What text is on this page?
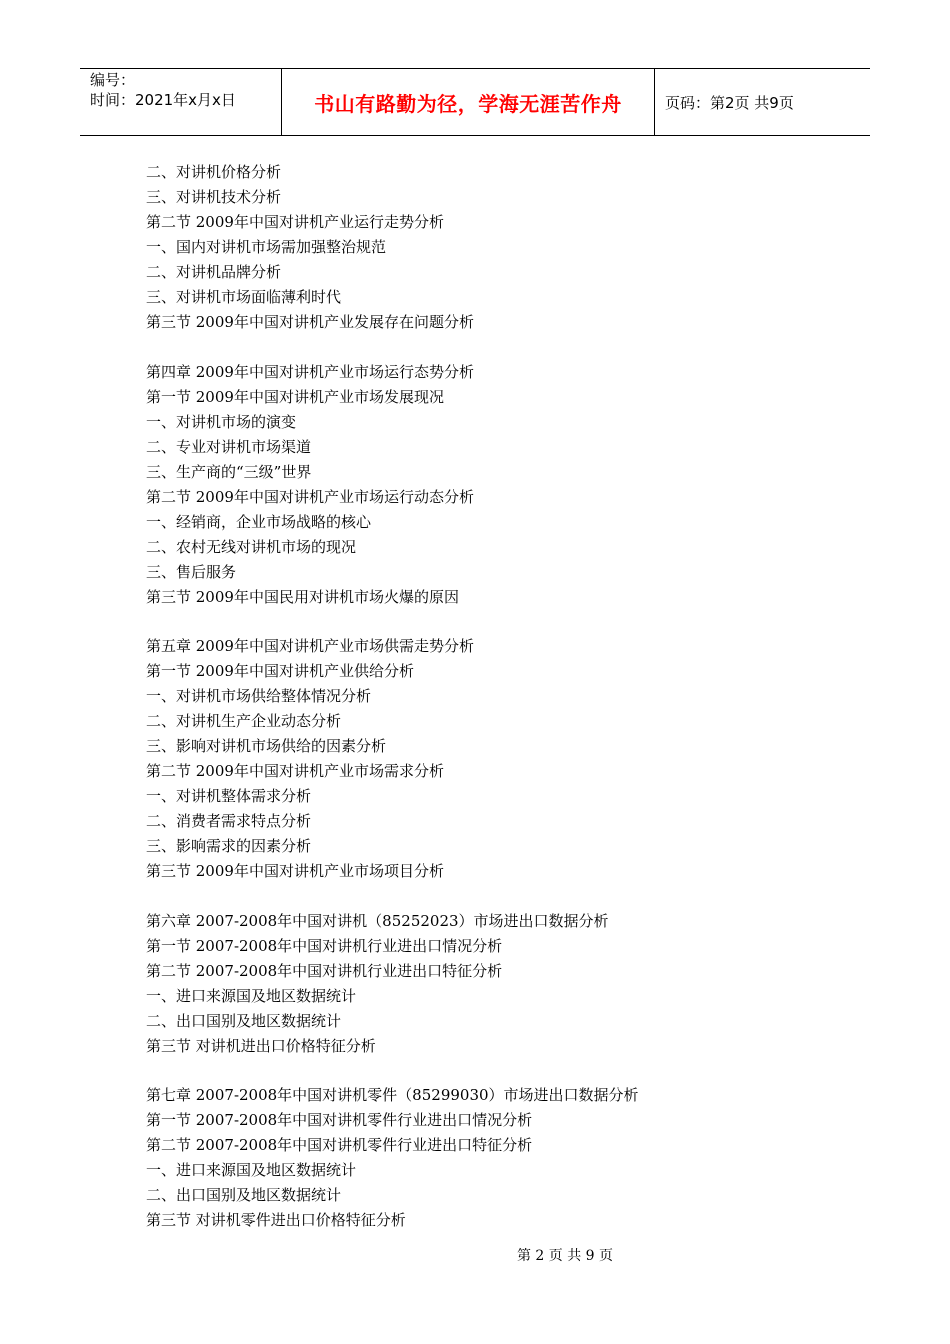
编号：
时间：2021年x月x日	书山有路勤为径，学海无涯苦作舟	页码：第2页 共9页
二、对讲机价格分析
三、对讲机技术分析
第二节 2009年中国对讲机产业运行走势分析
一、国内对讲机市场需加强整治规范
二、对讲机品牌分析
三、对讲机市场面临薄利时代
第三节 2009年中国对讲机产业发展存在问题分析
第四章 2009年中国对讲机产业市场运行态势分析
第一节 2009年中国对讲机产业市场发展现况
一、对讲机市场的演变
二、专业对讲机市场渠道
三、生产商的“三级”世界
第二节 2009年中国对讲机产业市场运行动态分析
一、经销商，企业市场战略的核心
二、农村无线对讲机市场的现况
三、售后服务
第三节 2009年中国民用对讲机市场火爆的原因
第五章 2009年中国对讲机产业市场供需走势分析
第一节 2009年中国对讲机产业供给分析
一、对讲机市场供给整体情况分析
二、对讲机生产企业动态分析
三、影响对讲机市场供给的因素分析
第二节 2009年中国对讲机产业市场需求分析
一、对讲机整体需求分析
二、消费者需求特点分析
三、影响需求的因素分析
第三节 2009年中国对讲机产业市场项目分析
第六章 2007-2008年中国对讲机（85252023）市场进出口数据分析
第一节 2007-2008年中国对讲机行业进出口情况分析
第二节 2007-2008年中国对讲机行业进出口特征分析
一、进口来源国及地区数据统计
二、出口国别及地区数据统计
第三节 对讲机进出口价格特征分析
第七章 2007-2008年中国对讲机零件（85299030）市场进出口数据分析
第一节 2007-2008年中国对讲机零件行业进出口情况分析
第二节 2007-2008年中国对讲机零件行业进出口特征分析
一、进口来源国及地区数据统计
二、出口国别及地区数据统计
第三节 对讲机零件进出口价格特征分析
第 2 页 共 9 页
